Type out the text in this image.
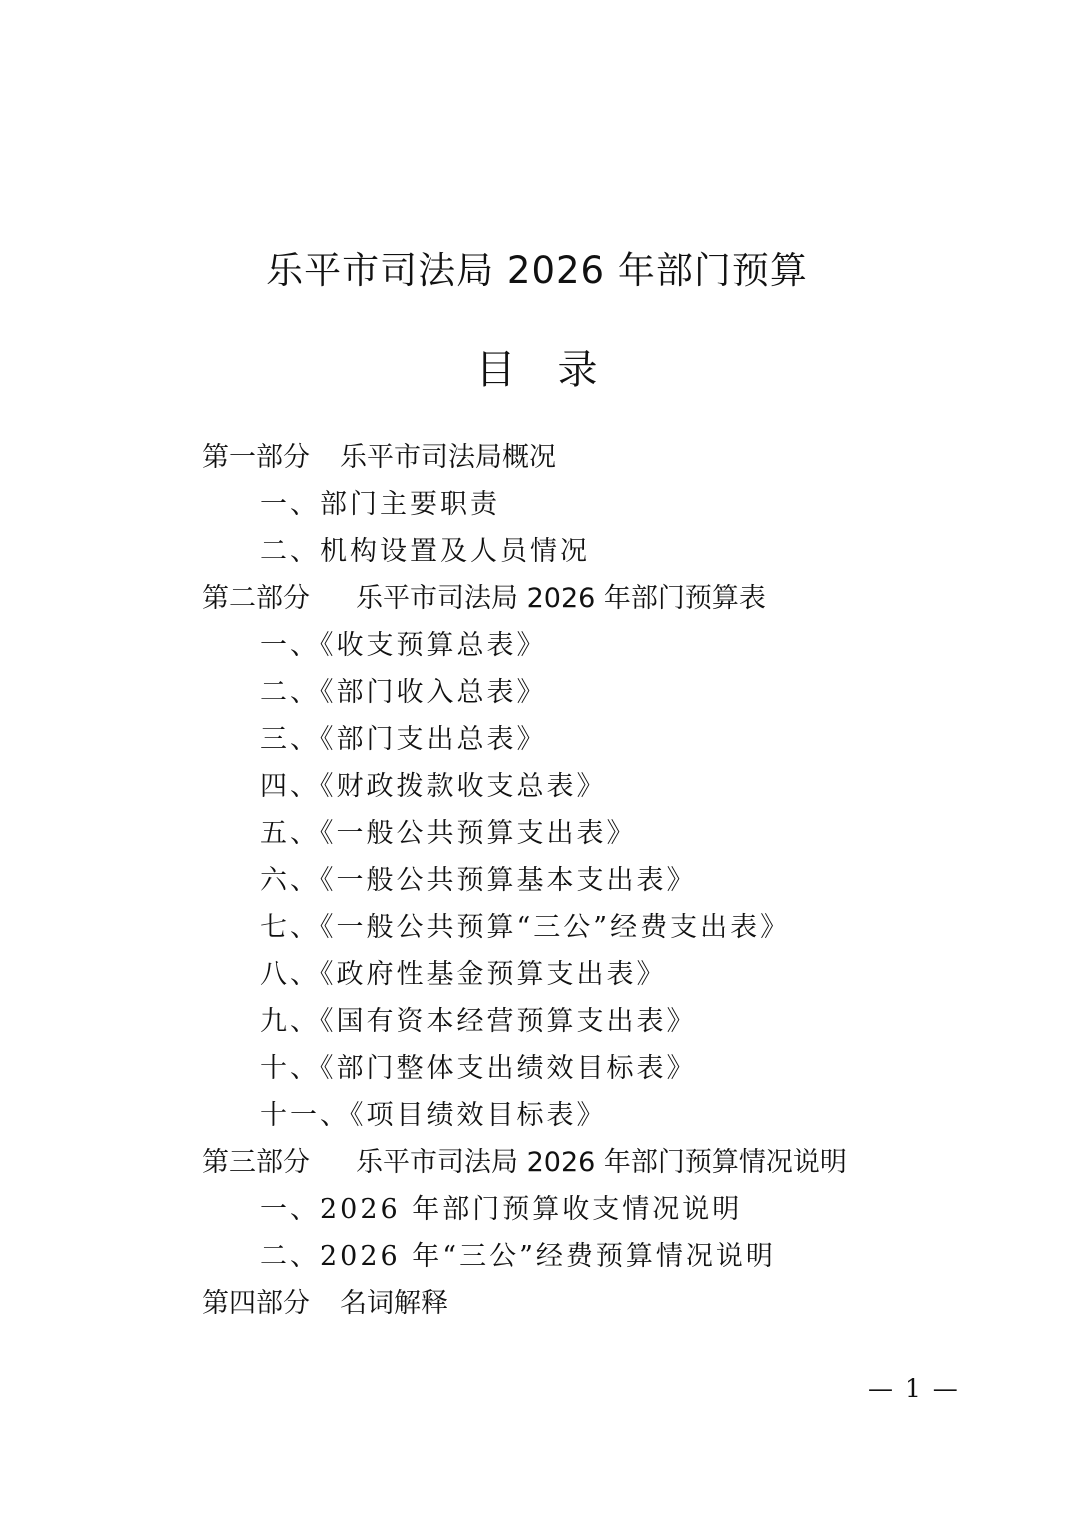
乐平市司法局 2026 年部门预算
目　录
第一部分 乐平市司法局概况
一、部门主要职责
二、机构设置及人员情况
第二部分 乐平市司法局 2026 年部门预算表
一、《收支预算总表》
二、《部门收入总表》
三、《部门支出总表》
四、《财政拨款收支总表》
五、《一般公共预算支出表》
六、《一般公共预算基本支出表》
七、《一般公共预算“三公”经费支出表》
八、《政府性基金预算支出表》
九、《国有资本经营预算支出表》
十、《部门整体支出绩效目标表》
十一、《项目绩效目标表》
第三部分 乐平市司法局 2026 年部门预算情况说明
一、2026 年部门预算收支情况说明
二、2026 年“三公”经费预算情况说明
第四部分 名词解释
— 1 —
